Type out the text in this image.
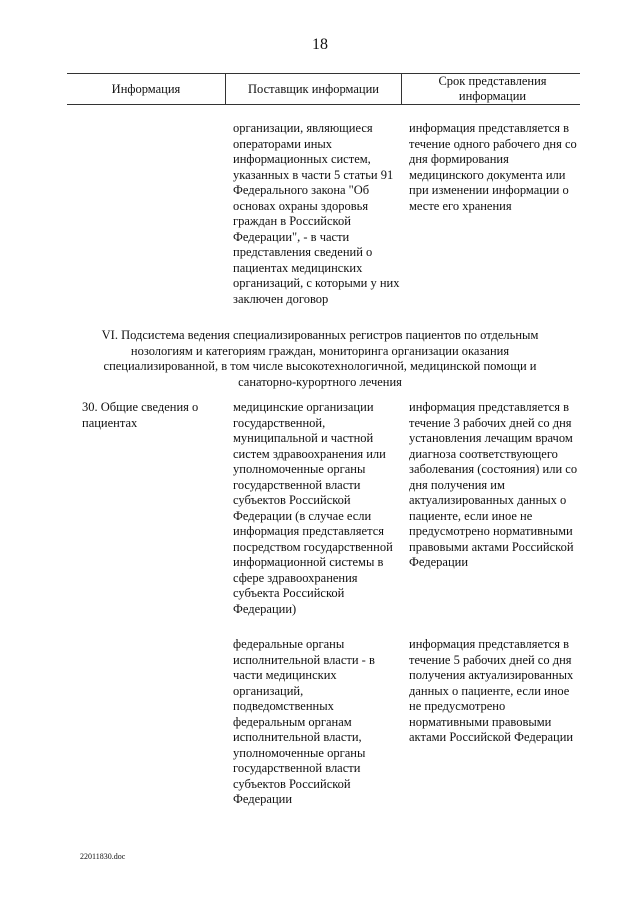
18
Информация	Поставщик информации
Срок представления информации
организации, являющиеся операторами иных информационных систем, указанных в части 5 статьи 91 Федерального закона "Об основах охраны здоровья граждан в Российской Федерации", - в части представления сведений о пациентах медицинских организаций, с которыми у них заключен договор
информация представляется в течение одного рабочего дня со дня формирования медицинского документа или при изменении информации о месте его хранения
VI. Подсистема ведения специализированных регистров пациентов по отдельным нозологиям и категориям граждан, мониторинга организации оказания специализированной, в том числе высокотехнологичной, медицинской помощи и санаторно-курортного лечения
30. Общие сведения о пациентах
медицинские организации государственной, муниципальной и частной систем здравоохранения или уполномоченные органы государственной власти субъектов Российской Федерации (в случае если информация представляется посредством государственной информационной системы в сфере здравоохранения субъекта Российской Федерации)
информация представляется в течение 3 рабочих дней со дня установления лечащим врачом диагноза соответствующего заболевания (состояния) или со дня получения им актуализированных данных о пациенте, если иное не предусмотрено нормативными правовыми актами Российской Федерации
федеральные органы исполнительной власти - в части медицинских организаций, подведомственных федеральным органам исполнительной власти, уполномоченные органы государственной власти субъектов Российской Федерации
информация представляется в течение 5 рабочих дней со дня получения актуализированных данных о пациенте, если иное не предусмотрено нормативными правовыми актами Российской Федерации
22011830.doc
